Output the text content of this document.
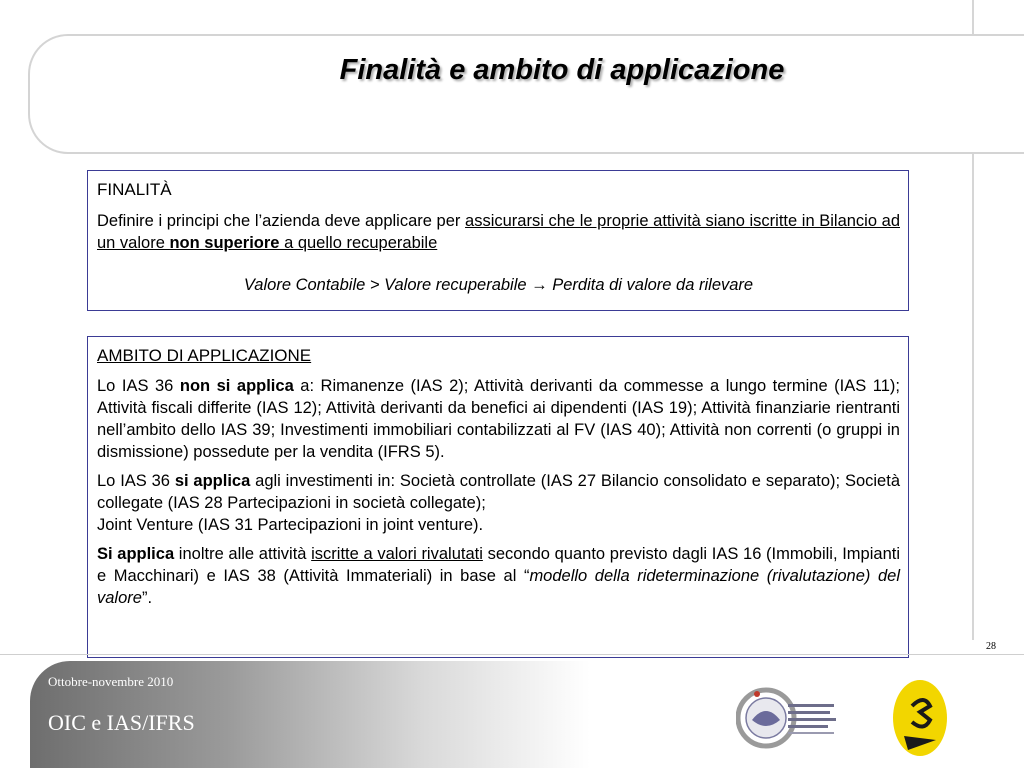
Finalità e ambito di applicazione
FINALITÀ
Definire i principi che l’azienda deve applicare per assicurarsi che le proprie attività siano iscritte in Bilancio ad un valore non superiore a quello recuperabile
Valore Contabile > Valore recuperabile → Perdita di valore da rilevare
AMBITO DI APPLICAZIONE
Lo IAS 36 non si applica a: Rimanenze (IAS 2); Attività derivanti da commesse a lungo termine (IAS 11); Attività fiscali differite (IAS 12); Attività derivanti da benefici ai dipendenti (IAS 19); Attività finanziarie rientranti nell’ambito dello IAS 39; Investimenti immobiliari contabilizzati al FV (IAS 40); Attività non correnti (o gruppi in dismissione) possedute per la vendita (IFRS 5).
Lo IAS 36 si applica agli investimenti in: Società controllate (IAS 27 Bilancio consolidato e separato); Società collegate (IAS 28 Partecipazioni in società collegate);
Joint Venture (IAS 31 Partecipazioni in joint venture).
Si applica inoltre alle attività iscritte a valori rivalutati secondo quanto previsto dagli IAS 16 (Immobili, Impianti e Macchinari) e IAS 38 (Attività Immateriali) in base al “modello della rideterminazione (rivalutazione) del valore”.
28
Ottobre-novembre 2010
OIC e IAS/IFRS
